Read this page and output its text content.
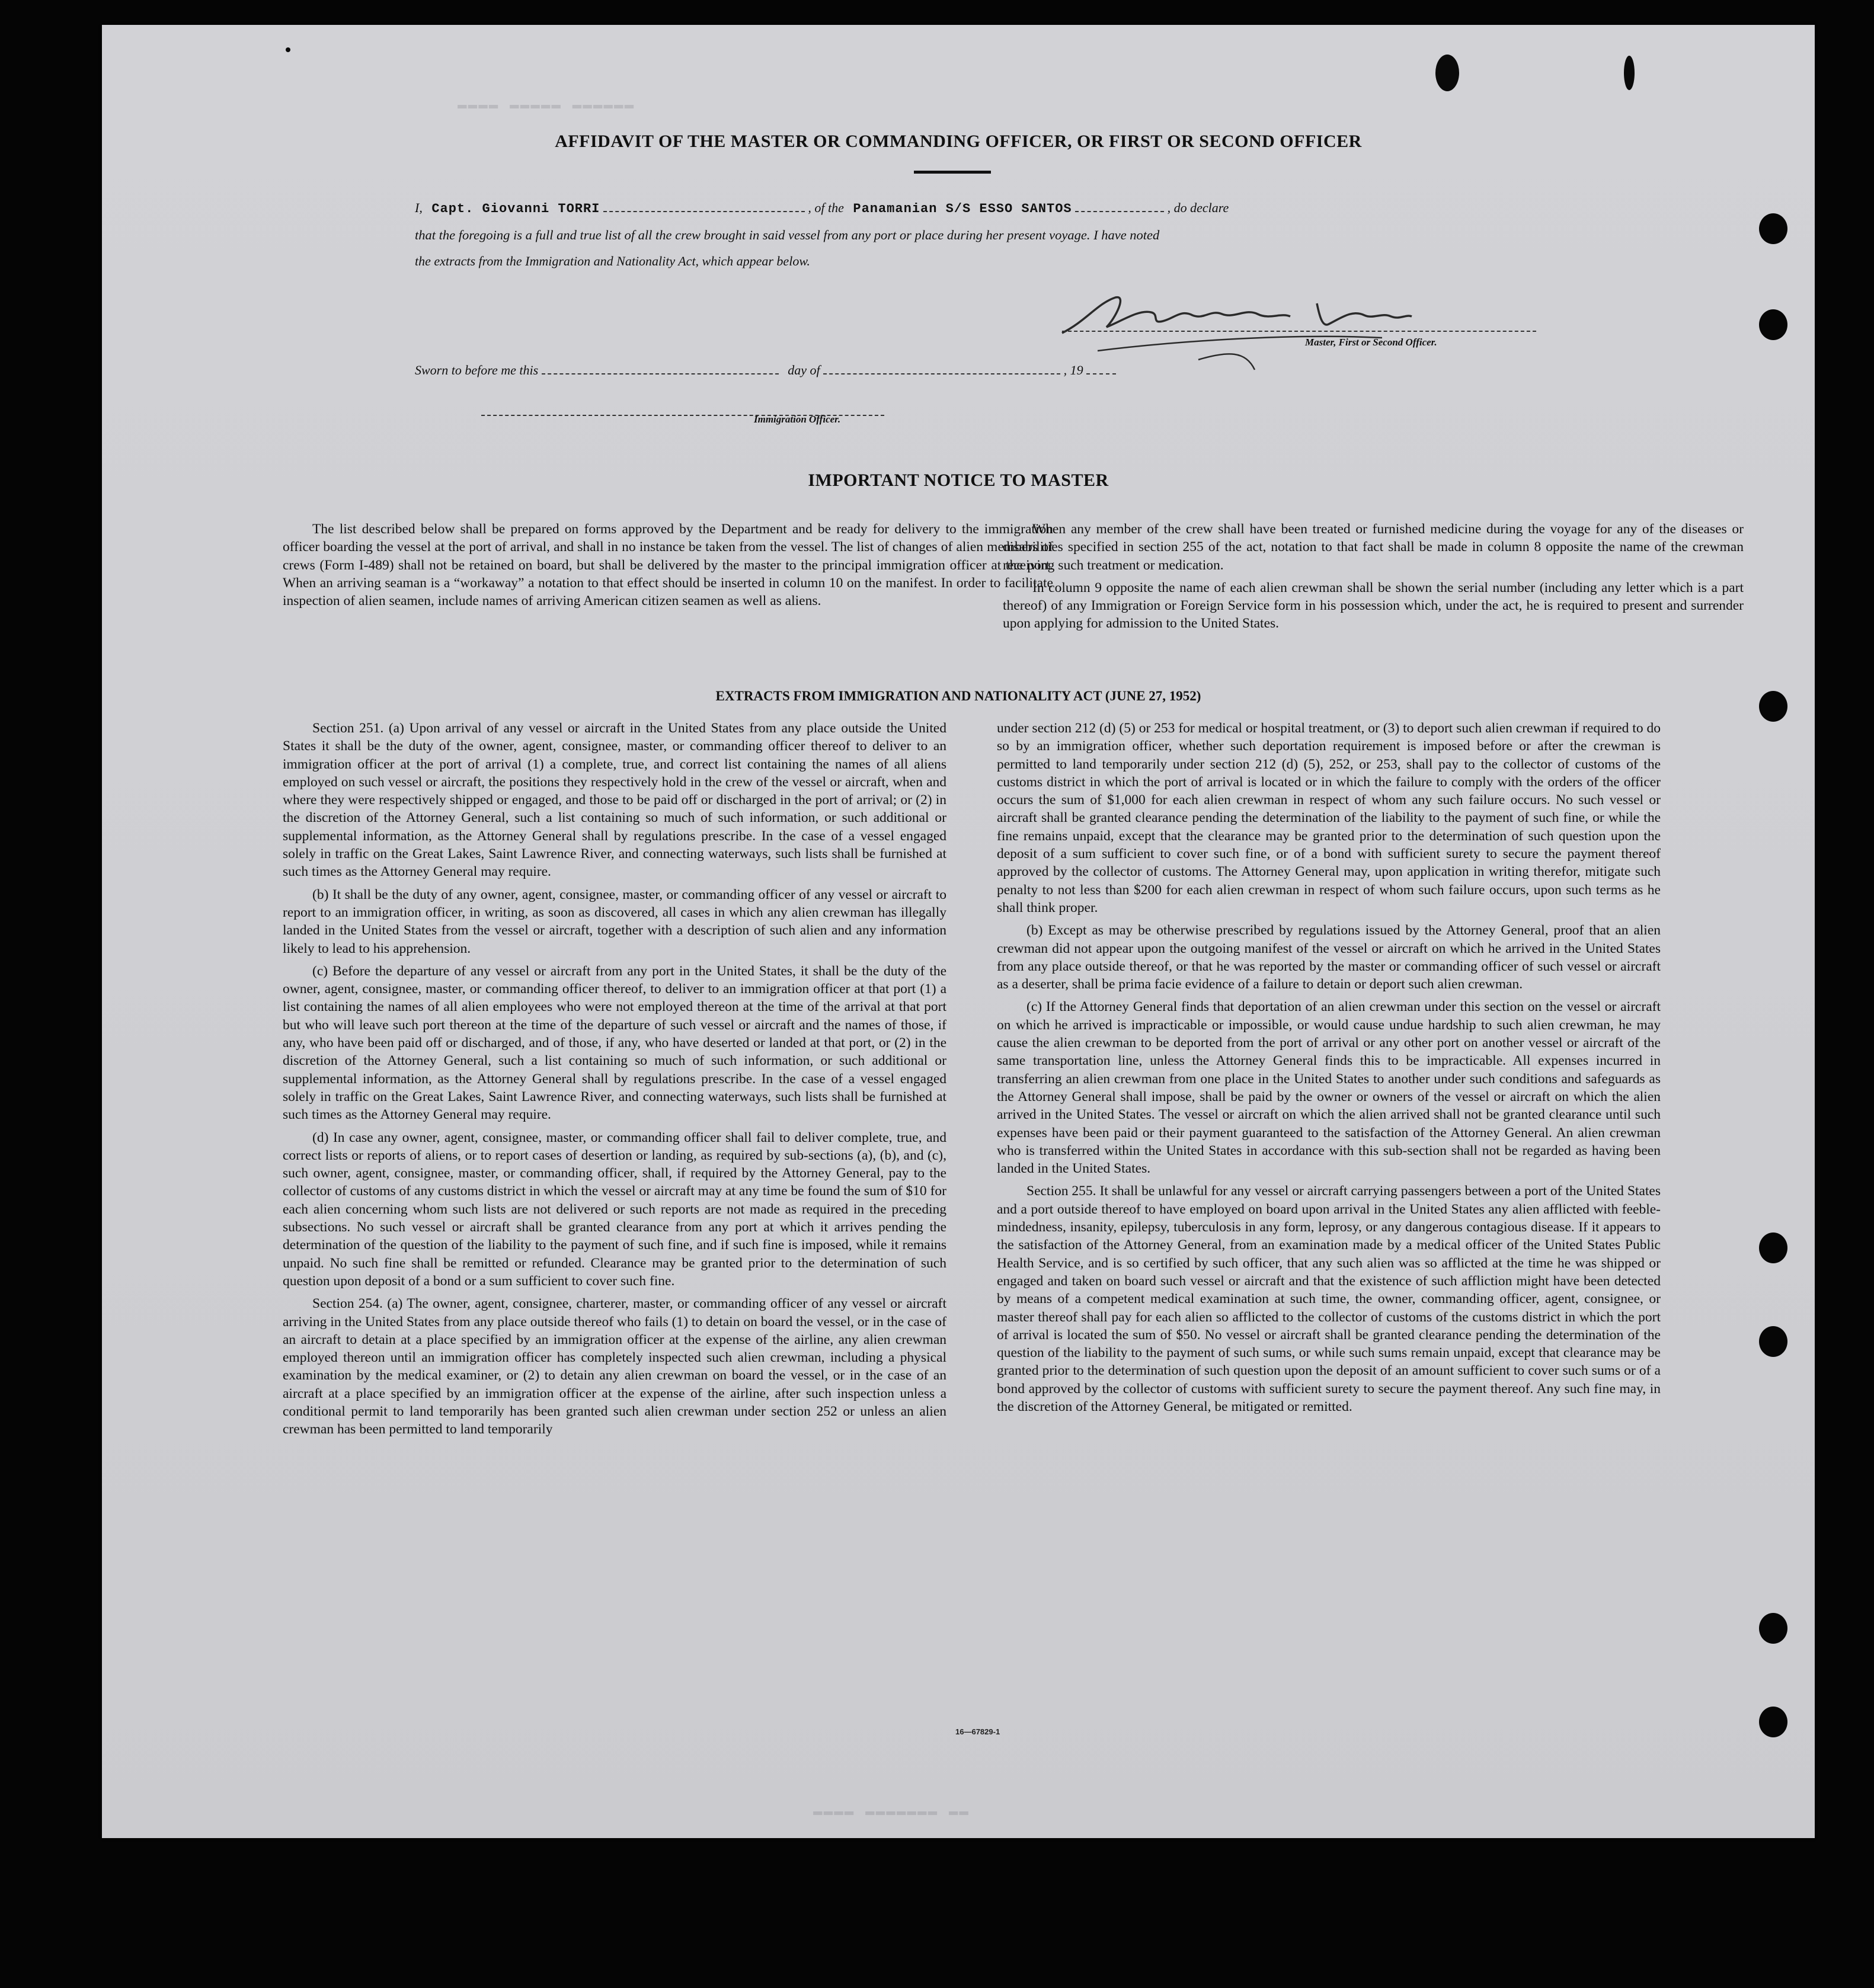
▬▬▬▬ ▬▬▬▬▬ ▬▬▬▬▬▬
▬▬▬▬ ▬▬▬▬▬▬▬ ▬▬
AFFIDAVIT OF THE MASTER OR COMMANDING OFFICER, OR FIRST OR SECOND OFFICER
I, Capt. Giovanni TORRI	, of the Panamanian S/S ESSO SANTOS	, do declare
that the foregoing is a full and true list of all the crew brought in said vessel from any port or place during her present voyage. I have noted
the extracts from the Immigration and Nationality Act, which appear below.
Master, First or Second Officer.
Sworn to before me this	day of	, 19
Immigration Officer.
IMPORTANT NOTICE TO MASTER

The list described below shall be prepared on forms approved by the Department and be ready for delivery to the immigration officer boarding the vessel at the port of arrival, and shall in no instance be taken from the vessel. The list of changes of alien members of crews (Form I-489) shall not be retained on board, but shall be delivered by the master to the principal immigration officer at the port. When an arriving seaman is a “workaway” a notation to that effect should be inserted in column 10 on the manifest. In order to facilitate inspection of alien seamen, include names of arriving American citizen seamen as well as aliens.

When any member of the crew shall have been treated or furnished medicine during the voyage for any of the diseases or disabilities specified in section 255 of the act, notation to that fact shall be made in column 8 opposite the name of the crewman receiving such treatment or medication.

In column 9 opposite the name of each alien crewman shall be shown the serial number (including any letter which is a part thereof) of any Immigration or Foreign Service form in his possession which, under the act, he is required to present and surrender upon applying for admission to the United States.

EXTRACTS FROM IMMIGRATION AND NATIONALITY ACT (JUNE 27, 1952)

Section 251. (a) Upon arrival of any vessel or aircraft in the United States from any place outside the United States it shall be the duty of the owner, agent, consignee, master, or commanding officer thereof to deliver to an immigration officer at the port of arrival (1) a complete, true, and correct list containing the names of all aliens employed on such vessel or aircraft, the positions they respectively hold in the crew of the vessel or aircraft, when and where they were respectively shipped or engaged, and those to be paid off or discharged in the port of arrival; or (2) in the discretion of the Attorney General, such a list containing so much of such information, or such additional or supplemental information, as the Attorney General shall by regulations prescribe. In the case of a vessel engaged solely in traffic on the Great Lakes, Saint Lawrence River, and connecting waterways, such lists shall be furnished at such times as the Attorney General may require.

(b) It shall be the duty of any owner, agent, consignee, master, or commanding officer of any vessel or aircraft to report to an immigration officer, in writing, as soon as discovered, all cases in which any alien crewman has illegally landed in the United States from the vessel or aircraft, together with a description of such alien and any information likely to lead to his apprehension.

(c) Before the departure of any vessel or aircraft from any port in the United States, it shall be the duty of the owner, agent, consignee, master, or commanding officer thereof, to deliver to an immigration officer at that port (1) a list containing the names of all alien employees who were not employed thereon at the time of the arrival at that port but who will leave such port thereon at the time of the departure of such vessel or aircraft and the names of those, if any, who have been paid off or discharged, and of those, if any, who have deserted or landed at that port, or (2) in the discretion of the Attorney General, such a list containing so much of such information, or such additional or supplemental information, as the Attorney General shall by regulations prescribe. In the case of a vessel engaged solely in traffic on the Great Lakes, Saint Lawrence River, and connecting waterways, such lists shall be furnished at such times as the Attorney General may require.

(d) In case any owner, agent, consignee, master, or commanding officer shall fail to deliver complete, true, and correct lists or reports of aliens, or to report cases of desertion or landing, as required by sub-sections (a), (b), and (c), such owner, agent, consignee, master, or commanding officer, shall, if required by the Attorney General, pay to the collector of customs of any customs district in which the vessel or aircraft may at any time be found the sum of $10 for each alien concerning whom such lists are not delivered or such reports are not made as required in the preceding subsections. No such vessel or aircraft shall be granted clearance from any port at which it arrives pending the determination of the question of the liability to the payment of such fine, and if such fine is imposed, while it remains unpaid. No such fine shall be remitted or refunded. Clearance may be granted prior to the determination of such question upon deposit of a bond or a sum sufficient to cover such fine.

Section 254. (a) The owner, agent, consignee, charterer, master, or commanding officer of any vessel or aircraft arriving in the United States from any place outside thereof who fails (1) to detain on board the vessel, or in the case of an aircraft to detain at a place specified by an immigration officer at the expense of the airline, any alien crewman employed thereon until an immigration officer has completely inspected such alien crewman, including a physical examination by the medical examiner, or (2) to detain any alien crewman on board the vessel, or in the case of an aircraft at a place specified by an immigration officer at the expense of the airline, after such inspection unless a conditional permit to land temporarily has been granted such alien crewman under section 252 or unless an alien crewman has been permitted to land temporarily

under section 212 (d) (5) or 253 for medical or hospital treatment, or (3) to deport such alien crewman if required to do so by an immigration officer, whether such deportation requirement is imposed before or after the crewman is permitted to land temporarily under section 212 (d) (5), 252, or 253, shall pay to the collector of customs of the customs district in which the port of arrival is located or in which the failure to comply with the orders of the officer occurs the sum of $1,000 for each alien crewman in respect of whom any such failure occurs. No such vessel or aircraft shall be granted clearance pending the determination of the liability to the payment of such fine, or while the fine remains unpaid, except that the clearance may be granted prior to the determination of such question upon the deposit of a sum sufficient to cover such fine, or of a bond with sufficient surety to secure the payment thereof approved by the collector of customs. The Attorney General may, upon application in writing therefor, mitigate such penalty to not less than $200 for each alien crewman in respect of whom such failure occurs, upon such terms as he shall think proper.

(b) Except as may be otherwise prescribed by regulations issued by the Attorney General, proof that an alien crewman did not appear upon the outgoing manifest of the vessel or aircraft on which he arrived in the United States from any place outside thereof, or that he was reported by the master or commanding officer of such vessel or aircraft as a deserter, shall be prima facie evidence of a failure to detain or deport such alien crewman.

(c) If the Attorney General finds that deportation of an alien crewman under this section on the vessel or aircraft on which he arrived is impracticable or impossible, or would cause undue hardship to such alien crewman, he may cause the alien crewman to be deported from the port of arrival or any other port on another vessel or aircraft of the same transportation line, unless the Attorney General finds this to be impracticable. All expenses incurred in transferring an alien crewman from one place in the United States to another under such conditions and safeguards as the Attorney General shall impose, shall be paid by the owner or owners of the vessel or aircraft on which the alien arrived in the United States. The vessel or aircraft on which the alien arrived shall not be granted clearance until such expenses have been paid or their payment guaranteed to the satisfaction of the Attorney General. An alien crewman who is transferred within the United States in accordance with this sub-section shall not be regarded as having been landed in the United States.

Section 255. It shall be unlawful for any vessel or aircraft carrying passengers between a port of the United States and a port outside thereof to have employed on board upon arrival in the United States any alien afflicted with feeble-mindedness, insanity, epilepsy, tuberculosis in any form, leprosy, or any dangerous contagious disease. If it appears to the satisfaction of the Attorney General, from an examination made by a medical officer of the United States Public Health Service, and is so certified by such officer, that any such alien was so afflicted at the time he was shipped or engaged and taken on board such vessel or aircraft and that the existence of such affliction might have been detected by means of a competent medical examination at such time, the owner, commanding officer, agent, consignee, or master thereof shall pay for each alien so afflicted to the collector of customs of the customs district in which the port of arrival is located the sum of $50. No vessel or aircraft shall be granted clearance pending the determination of the question of the liability to the payment of such sums, or while such sums remain unpaid, except that clearance may be granted prior to the determination of such question upon the deposit of an amount sufficient to cover such sums or of a bond approved by the collector of customs with sufficient surety to secure the payment thereof. Any such fine may, in the discretion of the Attorney General, be mitigated or remitted.

16—67829-1
